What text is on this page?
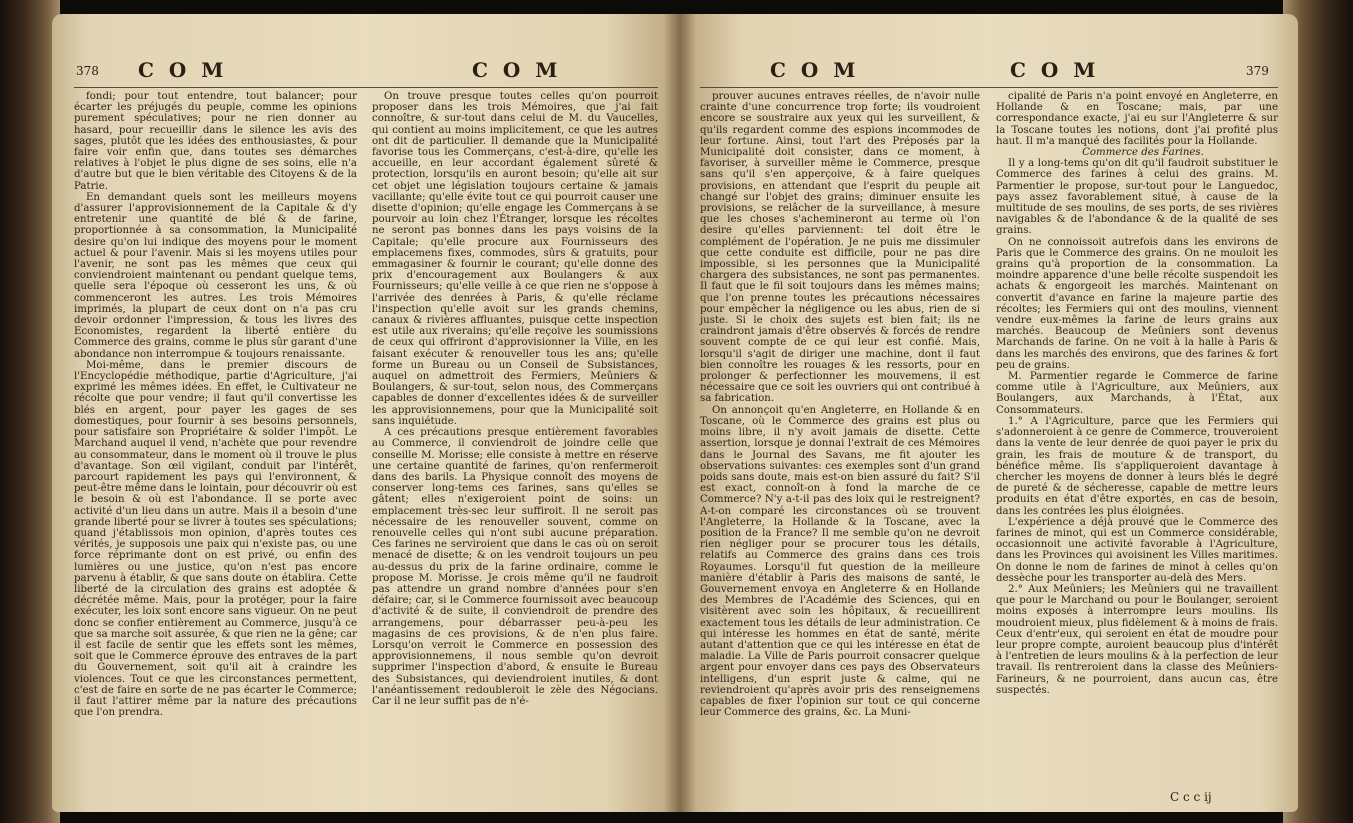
378 C O M	C O M

fondi; pour tout entendre, tout balancer; pour écarter les préjugés du peuple, comme les opinions purement spéculatives; pour ne rien donner au hasard, pour recueillir dans le silence les avis des sages, plutôt que les idées des enthousiastes, & pour faire voir enfin que, dans toutes ses démarches relatives à l'objet le plus digne de ses soins, elle n'a d'autre but que le bien véritable des Citoyens & de la Patrie.

En demandant quels sont les meilleurs moyens d'assurer l'approvisionnement de la Capitale & d'y entretenir une quantité de blé & de farine, proportionnée à sa consommation, la Municipalité desire qu'on lui indique des moyens pour le moment actuel & pour l'avenir. Mais si les moyens utiles pour l'avenir, ne sont pas les mêmes que ceux qui conviendroient maintenant ou pendant quelque tems, quelle sera l'époque où cesseront les uns, & où commenceront les autres. Les trois Mémoires imprimés, la plupart de ceux dont on n'a pas cru devoir ordonner l'impression, & tous les livres des Economistes, regardent la liberté entière du Commerce des grains, comme le plus sûr garant d'une abondance non interrompue & toujours renaissante.

Moi-même, dans le premier discours de l'Encyclopédie méthodique, partie d'Agriculture, j'ai exprimé les mêmes idées. En effet, le Cultivateur ne récolte que pour vendre; il faut qu'il convertisse les blés en argent, pour payer les gages de ses domestiques, pour fournir à ses besoins personnels, pour satisfaire son Propriétaire & solder l'impôt. Le Marchand auquel il vend, n'achète que pour revendre au consommateur, dans le moment où il trouve le plus d'avantage. Son œil vigilant, conduit par l'intérêt, parcourt rapidement les pays qui l'environnent, & peut-être même dans le lointain, pour découvrir où est le besoin & où est l'abondance. Il se porte avec activité d'un lieu dans un autre. Mais il a besoin d'une grande liberté pour se livrer à toutes ses spéculations; quand j'établissois mon opinion, d'après toutes ces vérités, je supposois une paix qui n'existe pas, ou une force réprimante dont on est privé, ou enfin des lumières ou une justice, qu'on n'est pas encore parvenu à établir, & que sans doute on établira. Cette liberté de la circulation des grains est adoptée & décrétée même. Mais, pour la protéger, pour la faire exécuter, les loix sont encore sans vigueur. On ne peut donc se confier entièrement au Commerce, jusqu'à ce que sa marche soit assurée, & que rien ne la gêne; car il est facile de sentir que les effets sont les mêmes, soit que le Commerce éprouve des entraves de la part du Gouvernement, soit qu'il ait à craindre les violences. Tout ce que les circonstances permettent, c'est de faire en sorte de ne pas écarter le Commerce; il faut l'attirer même par la nature des précautions que l'on prendra.

On trouve presque toutes celles qu'on pourroit proposer dans les trois Mémoires, que j'ai fait connoître, & sur-tout dans celui de M. du Vaucelles, qui contient au moins implicitement, ce que les autres ont dit de particulier. Il demande que la Municipalité favorise tous les Commerçans, c'est-à-dire, qu'elle les accueille, en leur accordant également sûreté & protection, lorsqu'ils en auront besoin; qu'elle ait sur cet objet une législation toujours certaine & jamais vacillante; qu'elle évite tout ce qui pourroit causer une disette d'opinion; qu'elle engage les Commerçans à se pourvoir au loin chez l'Étranger, lorsque les récoltes ne seront pas bonnes dans les pays voisins de la Capitale; qu'elle procure aux Fournisseurs des emplacemens fixes, commodes, sûrs & gratuits, pour emmagasiner & fournir le courant; qu'elle donne des prix d'encouragement aux Boulangers & aux Fournisseurs; qu'elle veille à ce que rien ne s'oppose à l'arrivée des denrées à Paris, & qu'elle réclame l'inspection qu'elle avoit sur les grands chemins, canaux & rivières affluantes, puisque cette inspection est utile aux riverains; qu'elle reçoive les soumissions de ceux qui offriront d'approvisionner la Ville, en les faisant exécuter & renouveller tous les ans; qu'elle forme un Bureau ou un Conseil de Subsistances, auquel on admettroit des Fermiers, Meûniers & Boulangers, & sur-tout, selon nous, des Commerçans capables de donner d'excellentes idées & de surveiller les approvisionnemens, pour que la Municipalité soit sans inquiétude.

A ces précautions presque entièrement favorables au Commerce, il conviendroit de joindre celle que conseille M. Morisse; elle consiste à mettre en réserve une certaine quantité de farines, qu'on renfermeroit dans des barils. La Physique connoît des moyens de conserver long-tems ces farines, sans qu'elles se gâtent; elles n'exigeroient point de soins: un emplacement très-sec leur suffiroit. Il ne seroit pas nécessaire de les renouveller souvent, comme on renouvelle celles qui n'ont subi aucune préparation. Ces farines ne serviroient que dans le cas où on seroit menacé de disette; & on les vendroit toujours un peu au-dessus du prix de la farine ordinaire, comme le propose M. Morisse. Je crois même qu'il ne faudroit pas attendre un grand nombre d'années pour s'en défaire; car, si le Commerce fournissoit avec beaucoup d'activité & de suite, il conviendroit de prendre des arrangemens, pour débarrasser peu-à-peu les magasins de ces provisions, & de n'en plus faire. Lorsqu'on verroit le Commerce en possession des approvisionnemens, il nous semble qu'on devroit supprimer l'inspection d'abord, & ensuite le Bureau des Subsistances, qui deviendroient inutiles, & dont l'anéantissement redoubleroit le zèle des Négocians. Car il ne leur suffit pas de n'é-

C O M	C O M	379

prouver aucunes entraves réelles, de n'avoir nulle crainte d'une concurrence trop forte; ils voudroient encore se soustraire aux yeux qui les surveillent, & qu'ils regardent comme des espions incommodes de leur fortune. Ainsi, tout l'art des Préposés par la Municipalité doit consister, dans ce moment, à favoriser, à surveiller même le Commerce, presque sans qu'il s'en apperçoive, & à faire quelques provisions, en attendant que l'esprit du peuple ait changé sur l'objet des grains; diminuer ensuite les provisions, se relâcher de la surveillance, à mesure que les choses s'achemineront au terme où l'on desire qu'elles parviennent: tel doit être le complément de l'opération. Je ne puis me dissimuler que cette conduite est difficile, pour ne pas dire impossible, si les personnes que la Municipalité chargera des subsistances, ne sont pas permanentes. Il faut que le fil soit toujours dans les mêmes mains; que l'on prenne toutes les précautions nécessaires pour empêcher la négligence ou les abus, rien de si juste. Si le choix des sujets est bien fait; ils ne craindront jamais d'être observés & forcés de rendre souvent compte de ce qui leur est confié. Mais, lorsqu'il s'agit de diriger une machine, dont il faut bien connoître les rouages & les ressorts, pour en prolonger & perfectionner les mouvemens, il est nécessaire que ce soit les ouvriers qui ont contribué à sa fabrication.

On annonçoit qu'en Angleterre, en Hollande & en Toscane, où le Commerce des grains est plus ou moins libre, il n'y avoit jamais de disette. Cette assertion, lorsque je donnai l'extrait de ces Mémoires dans le Journal des Savans, me fit ajouter les observations suivantes: ces exemples sont d'un grand poids sans doute, mais est-on bien assuré du fait? S'il est exact, connoît-on à fond la marche de ce Commerce? N'y a-t-il pas des loix qui le restreignent? A-t-on comparé les circonstances où se trouvent l'Angleterre, la Hollande & la Toscane, avec la position de la France? Il me semble qu'on ne devroit rien négliger pour se procurer tous les détails, relatifs au Commerce des grains dans ces trois Royaumes. Lorsqu'il fut question de la meilleure manière d'établir à Paris des maisons de santé, le Gouvernement envoya en Angleterre & en Hollande des Membres de l'Académie des Sciences, qui en visitèrent avec soin les hôpitaux, & recueillirent exactement tous les détails de leur administration. Ce qui intéresse les hommes en état de santé, mérite autant d'attention que ce qui les intéresse en état de maladie. La Ville de Paris pourroit consacrer quelque argent pour envoyer dans ces pays des Observateurs intelligens, d'un esprit juste & calme, qui ne reviendroient qu'après avoir pris des renseignemens capables de fixer l'opinion sur tout ce qui concerne leur Commerce des grains, &c. La Muni-

cipalité de Paris n'a point envoyé en Angleterre, en Hollande & en Toscane; mais, par une correspondance exacte, j'ai eu sur l'Angleterre & sur la Toscane toutes les notions, dont j'ai profité plus haut. Il m'a manqué des facilités pour la Hollande.

Commerce des Farines.

Il y a long-tems qu'on dit qu'il faudroit substituer le Commerce des farines à celui des grains. M. Parmentier le propose, sur-tout pour le Languedoc, pays assez favorablement situé, à cause de la multitude de ses moulins, de ses ports, de ses rivières navigables & de l'abondance & de la qualité de ses grains.

On ne connoissoit autrefois dans les environs de Paris que le Commerce des grains. On ne mouloit les grains qu'à proportion de la consommation. La moindre apparence d'une belle récolte suspendoit les achats & engorgeoit les marchés. Maintenant on convertit d'avance en farine la majeure partie des récoltes; les Fermiers qui ont des moulins, viennent vendre eux-mêmes la farine de leurs grains aux marchés. Beaucoup de Meûniers sont devenus Marchands de farine. On ne voit à la halle à Paris & dans les marchés des environs, que des farines & fort peu de grains.

M. Parmentier regarde le Commerce de farine comme utile à l'Agriculture, aux Meûniers, aux Boulangers, aux Marchands, à l'État, aux Consommateurs.

1.° A l'Agriculture, parce que les Fermiers qui s'adonneroient à ce genre de Commerce, trouveroient dans la vente de leur denrée de quoi payer le prix du grain, les frais de mouture & de transport, du bénéfice même. Ils s'appliqueroient davantage à chercher les moyens de donner à leurs blés le degré de pureté & de sécheresse, capable de mettre leurs produits en état d'être exportés, en cas de besoin, dans les contrées les plus éloignées.

L'expérience a déjà prouvé que le Commerce des farines de minot, qui est un Commerce considérable, occasionnoit une activité favorable à l'Agriculture, dans les Provinces qui avoisinent les Villes maritimes. On donne le nom de farines de minot à celles qu'on dessèche pour les transporter au-delà des Mers.

2.° Aux Meûniers; les Meûniers qui ne travaillent que pour le Marchand ou pour le Boulanger, seroient moins exposés à interrompre leurs moulins. Ils moudroient mieux, plus fidèlement & à moins de frais. Ceux d'entr'eux, qui seroient en état de moudre pour leur propre compte, auroient beaucoup plus d'intérêt à l'entretien de leurs moulins & à la perfection de leur travail. Ils rentreroient dans la classe des Meûniers-Farineurs, & ne pourroient, dans aucun cas, être suspectés.

C c c ij
